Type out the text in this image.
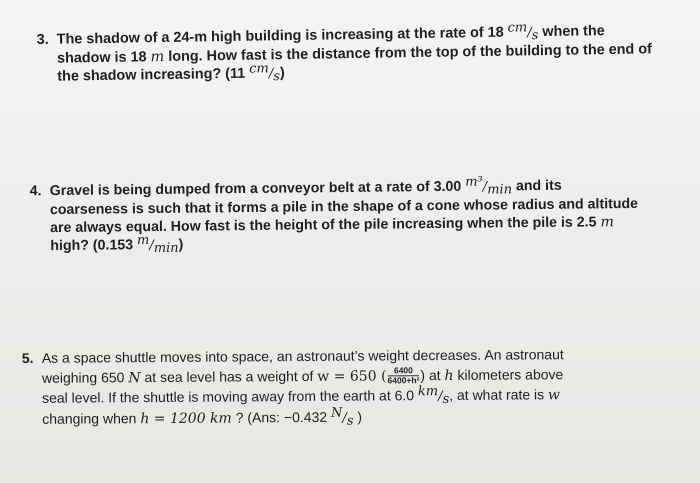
3. The shadow of a 24-m high building is increasing at the rate of 18 cm/s when the
shadow is 18 m long. How fast is the distance from the top of the building to the end of
the shadow increasing? (11 cm/s)
4. Gravel is being dumped from a conveyor belt at a rate of 3.00 m³/min and its
coarseness is such that it forms a pile in the shape of a cone whose radius and altitude
are always equal. How fast is the height of the pile increasing when the pile is 2.5 m
high? (0.153 m/min)
5. As a space shuttle moves into space, an astronaut’s weight decreases. An astronaut
weighing 650 N at sea level has a weight of w = 650 ( $\frac{6400}{\text{6400+h²}}$ ) at h kilometers above
seal level. If the shuttle is moving away from the earth at 6.0 km/s, at what rate is w
changing when h = 1200 km ? (Ans: −0.432 N/s )
